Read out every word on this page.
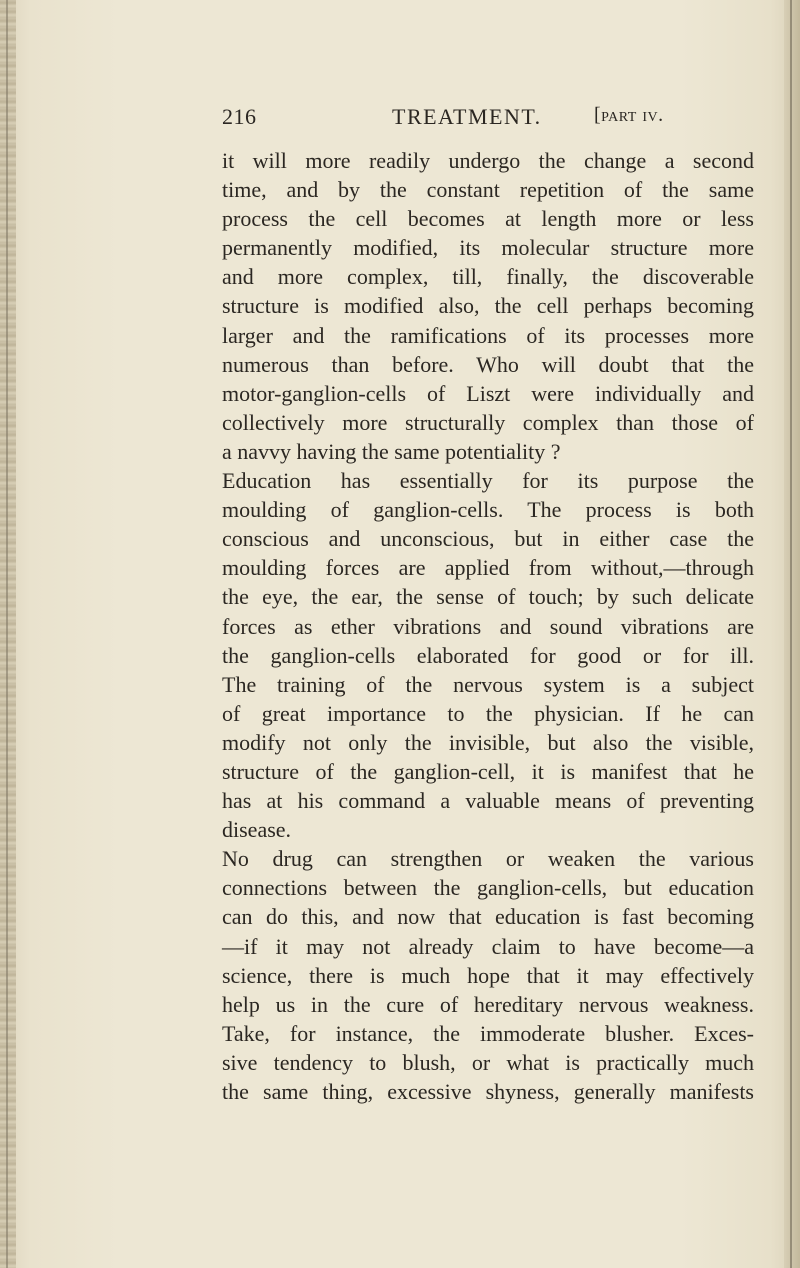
216	TREATMENT.	[part iv.
it will more readily undergo the change a second
time, and by the constant repetition of the same
process the cell becomes at length more or less
permanently modified, its molecular structure more
and more complex, till, finally, the discoverable
structure is modified also, the cell perhaps becoming
larger and the ramifications of its processes more
numerous than before. Who will doubt that the
motor-ganglion-cells of Liszt were individually and
collectively more structurally complex than those of
a navvy having the same potentiality ?
Education has essentially for its purpose the
moulding of ganglion-cells. The process is both
conscious and unconscious, but in either case the
moulding forces are applied from without,—through
the eye, the ear, the sense of touch; by such delicate
forces as ether vibrations and sound vibrations are
the ganglion-cells elaborated for good or for ill.
The training of the nervous system is a subject
of great importance to the physician. If he can
modify not only the invisible, but also the visible,
structure of the ganglion-cell, it is manifest that he
has at his command a valuable means of preventing
disease.
No drug can strengthen or weaken the various
connections between the ganglion-cells, but education
can do this, and now that education is fast becoming
—if it may not already claim to have become—a
science, there is much hope that it may effectively
help us in the cure of hereditary nervous weakness.
Take, for instance, the immoderate blusher. Exces-
sive tendency to blush, or what is practically much
the same thing, excessive shyness, generally manifests
